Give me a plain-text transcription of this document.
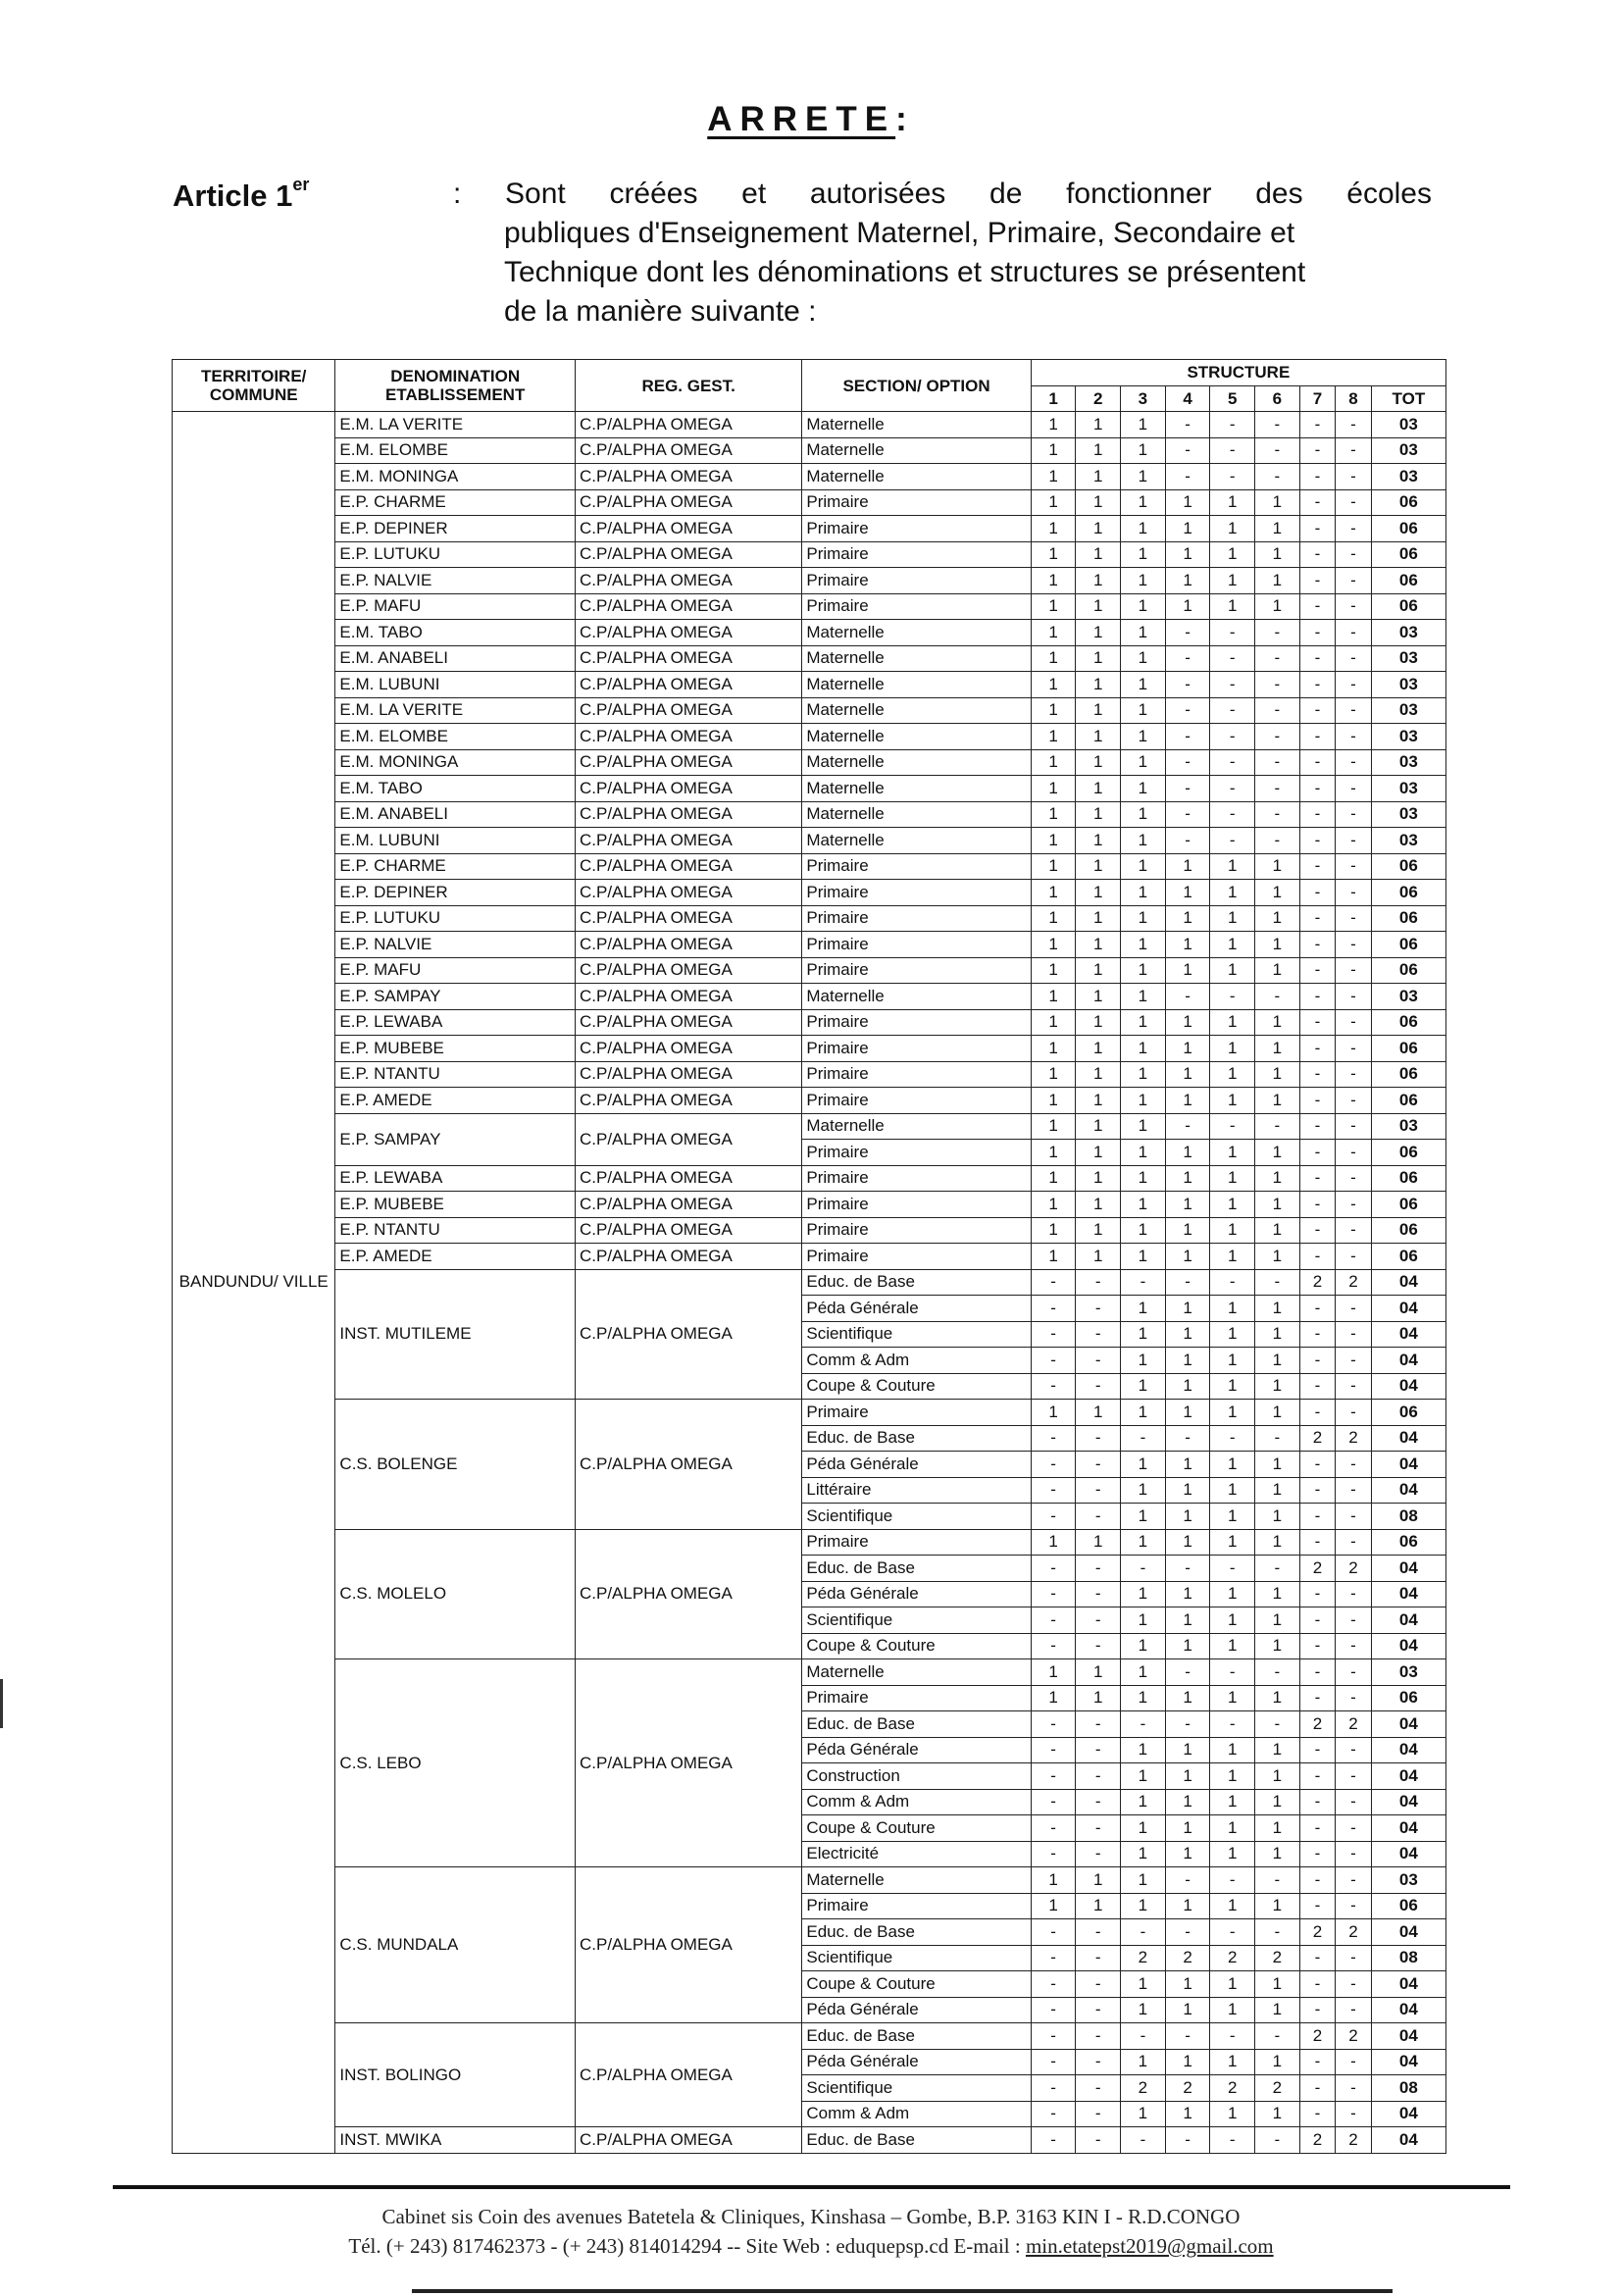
ARRETE:
Article 1er	: Sont créées et autorisées de fonctionner des écoles
publiques d'Enseignement Maternel, Primaire, Secondaire et
Technique dont les dénominations et structures se présentent
de la manière suivante :
TERRITOIRE/ COMMUNE	DENOMINATION ETABLISSEMENT	REG. GEST.	SECTION/ OPTION	STRUCTURE								
				1	2	3	4	5	6	7	8	TOT
BANDUNDU/ VILLE	E.M. LA VERITE	C.P/ALPHA OMEGA	Maternelle	1	1	1	-	-	-	-	-	03
	E.M. ELOMBE	C.P/ALPHA OMEGA	Maternelle	1	1	1	-	-	-	-	-	03
	E.M. MONINGA	C.P/ALPHA OMEGA	Maternelle	1	1	1	-	-	-	-	-	03
	E.P. CHARME	C.P/ALPHA OMEGA	Primaire	1	1	1	1	1	1	-	-	06
	E.P. DEPINER	C.P/ALPHA OMEGA	Primaire	1	1	1	1	1	1	-	-	06
	E.P. LUTUKU	C.P/ALPHA OMEGA	Primaire	1	1	1	1	1	1	-	-	06
	E.P. NALVIE	C.P/ALPHA OMEGA	Primaire	1	1	1	1	1	1	-	-	06
	E.P. MAFU	C.P/ALPHA OMEGA	Primaire	1	1	1	1	1	1	-	-	06
	E.M. TABO	C.P/ALPHA OMEGA	Maternelle	1	1	1	-	-	-	-	-	03
	E.M. ANABELI	C.P/ALPHA OMEGA	Maternelle	1	1	1	-	-	-	-	-	03
	E.M. LUBUNI	C.P/ALPHA OMEGA	Maternelle	1	1	1	-	-	-	-	-	03
	E.M. LA VERITE	C.P/ALPHA OMEGA	Maternelle	1	1	1	-	-	-	-	-	03
	E.M. ELOMBE	C.P/ALPHA OMEGA	Maternelle	1	1	1	-	-	-	-	-	03
	E.M. MONINGA	C.P/ALPHA OMEGA	Maternelle	1	1	1	-	-	-	-	-	03
	E.M. TABO	C.P/ALPHA OMEGA	Maternelle	1	1	1	-	-	-	-	-	03
	E.M. ANABELI	C.P/ALPHA OMEGA	Maternelle	1	1	1	-	-	-	-	-	03
	E.M. LUBUNI	C.P/ALPHA OMEGA	Maternelle	1	1	1	-	-	-	-	-	03
	E.P. CHARME	C.P/ALPHA OMEGA	Primaire	1	1	1	1	1	1	-	-	06
	E.P. DEPINER	C.P/ALPHA OMEGA	Primaire	1	1	1	1	1	1	-	-	06
	E.P. LUTUKU	C.P/ALPHA OMEGA	Primaire	1	1	1	1	1	1	-	-	06
	E.P. NALVIE	C.P/ALPHA OMEGA	Primaire	1	1	1	1	1	1	-	-	06
	E.P. MAFU	C.P/ALPHA OMEGA	Primaire	1	1	1	1	1	1	-	-	06
	E.P. SAMPAY	C.P/ALPHA OMEGA	Maternelle	1	1	1	-	-	-	-	-	03
	E.P. LEWABA	C.P/ALPHA OMEGA	Primaire	1	1	1	1	1	1	-	-	06
	E.P. MUBEBE	C.P/ALPHA OMEGA	Primaire	1	1	1	1	1	1	-	-	06
	E.P. NTANTU	C.P/ALPHA OMEGA	Primaire	1	1	1	1	1	1	-	-	06
	E.P. AMEDE	C.P/ALPHA OMEGA	Primaire	1	1	1	1	1	1	-	-	06
	E.P. SAMPAY	C.P/ALPHA OMEGA	Maternelle	1	1	1	-	-	-	-	-	03
			Primaire	1	1	1	1	1	1	-	-	06
	E.P. LEWABA	C.P/ALPHA OMEGA	Primaire	1	1	1	1	1	1	-	-	06
	E.P. MUBEBE	C.P/ALPHA OMEGA	Primaire	1	1	1	1	1	1	-	-	06
	E.P. NTANTU	C.P/ALPHA OMEGA	Primaire	1	1	1	1	1	1	-	-	06
	E.P. AMEDE	C.P/ALPHA OMEGA	Primaire	1	1	1	1	1	1	-	-	06
	INST. MUTILEME	C.P/ALPHA OMEGA	Educ. de Base	-	-	-	-	-	-	2	2	04
			Péda Générale	-	-	1	1	1	1	-	-	04
			Scientifique	-	-	1	1	1	1	-	-	04
			Comm & Adm	-	-	1	1	1	1	-	-	04
			Coupe & Couture	-	-	1	1	1	1	-	-	04
	C.S. BOLENGE	C.P/ALPHA OMEGA	Primaire	1	1	1	1	1	1	-	-	06
			Educ. de Base	-	-	-	-	-	-	2	2	04
			Péda Générale	-	-	1	1	1	1	-	-	04
			Littéraire	-	-	1	1	1	1	-	-	04
			Scientifique	-	-	1	1	1	1	-	-	08
	C.S. MOLELO	C.P/ALPHA OMEGA	Primaire	1	1	1	1	1	1	-	-	06
			Educ. de Base	-	-	-	-	-	-	2	2	04
			Péda Générale	-	-	1	1	1	1	-	-	04
			Scientifique	-	-	1	1	1	1	-	-	04
			Coupe & Couture	-	-	1	1	1	1	-	-	04
	C.S. LEBO	C.P/ALPHA OMEGA	Maternelle	1	1	1	-	-	-	-	-	03
			Primaire	1	1	1	1	1	1	-	-	06
			Educ. de Base	-	-	-	-	-	-	2	2	04
			Péda Générale	-	-	1	1	1	1	-	-	04
			Construction	-	-	1	1	1	1	-	-	04
			Comm & Adm	-	-	1	1	1	1	-	-	04
			Coupe & Couture	-	-	1	1	1	1	-	-	04
			Electricité	-	-	1	1	1	1	-	-	04
	C.S. MUNDALA	C.P/ALPHA OMEGA	Maternelle	1	1	1	-	-	-	-	-	03
			Primaire	1	1	1	1	1	1	-	-	06
			Educ. de Base	-	-	-	-	-	-	2	2	04
			Scientifique	-	-	2	2	2	2	-	-	08
			Coupe & Couture	-	-	1	1	1	1	-	-	04
			Péda Générale	-	-	1	1	1	1	-	-	04
	INST. BOLINGO	C.P/ALPHA OMEGA	Educ. de Base	-	-	-	-	-	-	2	2	04
			Péda Générale	-	-	1	1	1	1	-	-	04
			Scientifique	-	-	2	2	2	2	-	-	08
			Comm & Adm	-	-	1	1	1	1	-	-	04
	INST. MWIKA	C.P/ALPHA OMEGA	Educ. de Base	-	-	-	-	-	-	2	2	04
Cabinet sis Coin des avenues Batetela & Cliniques, Kinshasa – Gombe, B.P. 3163 KIN I - R.D.CONGO
Tél. (+ 243) 817462373 - (+ 243) 814014294 -- Site Web : eduquepsp.cd E-mail : min.etatepst2019@gmail.com
